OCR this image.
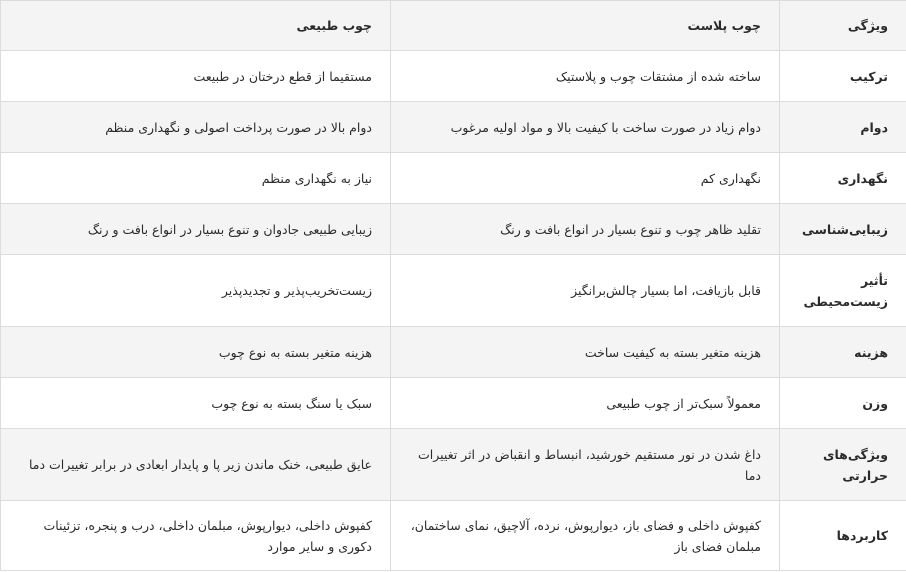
ویژگی	چوب پلاست	چوب طبیعی
ترکیب	ساخته شده از مشتقات چوب و پلاستیک	مستقیما از قطع درختان در طبیعت
دوام	دوام زیاد در صورت ساخت با کیفیت بالا و مواد اولیه مرغوب	دوام بالا در صورت پرداخت اصولی و نگهداری منظم
نگهداری	نگهداری کم	نیاز به نگهداری منظم
زیبایی‌شناسی	تقلید ظاهر چوب و تنوع بسیار در انواع بافت و رنگ	زیبایی طبیعی جادوان و تنوع بسیار در انواع بافت و رنگ
تأثیر زیست‌محیطی	قابل بازیافت، اما بسیار چالش‌برانگیز	زیست‌تخریب‌پذیر و تجدیدپذیر
هزینه	هزینه متغیر بسته به کیفیت ساخت	هزینه متغیر بسته به نوع چوب
وزن	معمولاً سبک‌تر از چوب طبیعی	سبک یا سنگ بسته به نوع چوب
ویژگی‌های حرارتی	داغ شدن در نور مستقیم خورشید، انبساط و انقباض در اثر تغییرات دما	عایق طبیعی، خنک ماندن زیر پا و پایدار ابعادی در برابر تغییرات دما
کاربردها	کفپوش داخلی و فضای باز، دیوارپوش، نرده، آلاچیق، نمای ساختمان، مبلمان فضای باز	کفپوش داخلی، دیوارپوش، مبلمان داخلی، درب و پنجره، تزئینات دکوری و سایر موارد
